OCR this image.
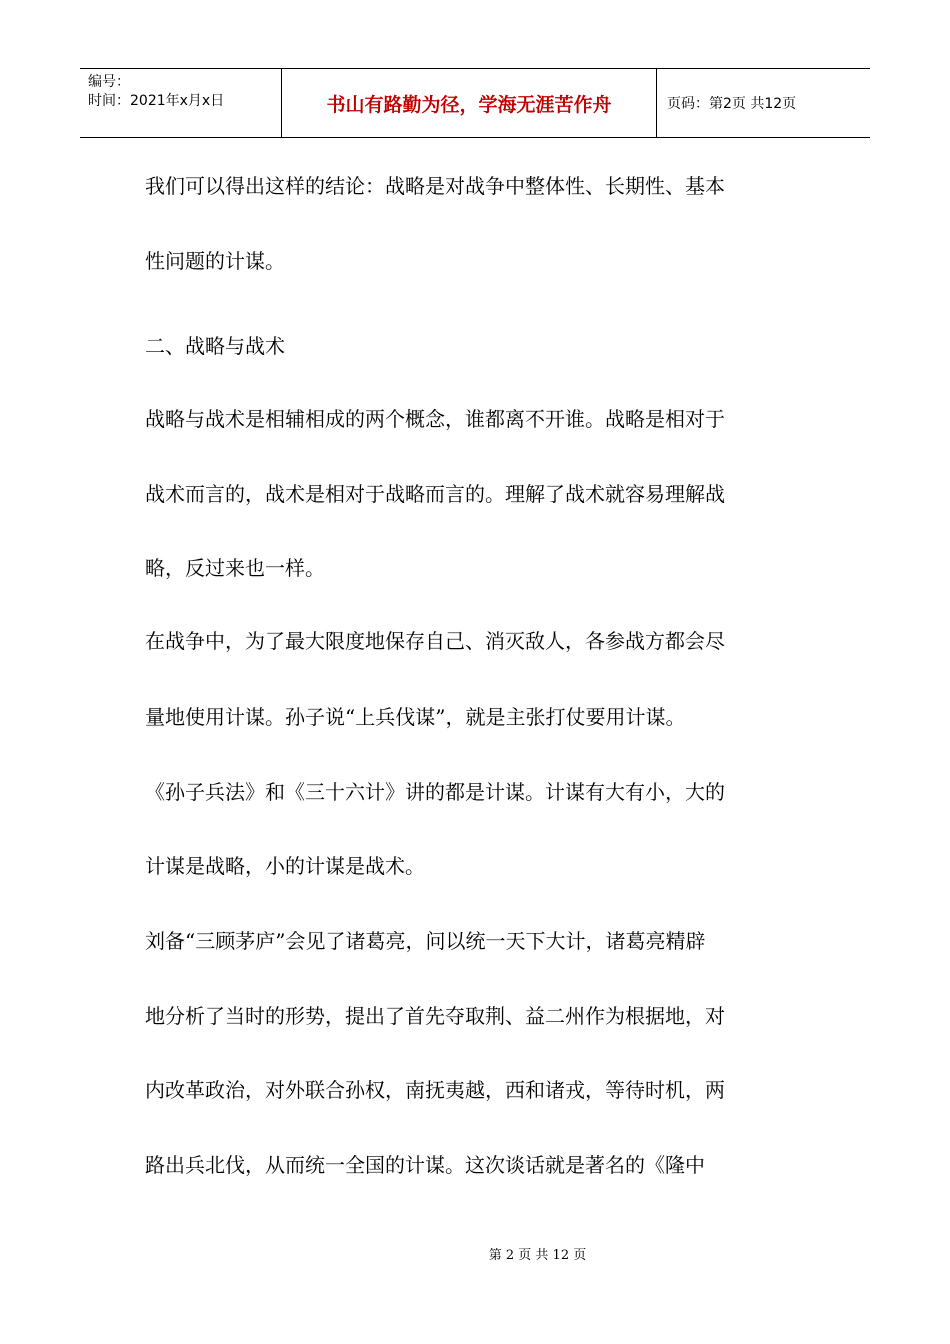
编号：
时间：2021年x月x日	书山有路勤为径，学海无涯苦作舟	页码：第2页 共12页
我们可以得出这样的结论：战略是对战争中整体性、长期性、基本
性问题的计谋。
二、战略与战术
战略与战术是相辅相成的两个概念，谁都离不开谁。战略是相对于
战术而言的，战术是相对于战略而言的。理解了战术就容易理解战
略，反过来也一样。
在战争中，为了最大限度地保存自己、消灭敌人，各参战方都会尽
量地使用计谋。孙子说“上兵伐谋”，就是主张打仗要用计谋。
《孙子兵法》和《三十六计》讲的都是计谋。计谋有大有小，大的
计谋是战略，小的计谋是战术。
刘备“三顾茅庐”会见了诸葛亮，问以统一天下大计，诸葛亮精辟
地分析了当时的形势，提出了首先夺取荆、益二州作为根据地，对
内改革政治，对外联合孙权，南抚夷越，西和诸戎，等待时机，两
路出兵北伐，从而统一全国的计谋。这次谈话就是著名的《隆中
第 2 页 共 12 页
